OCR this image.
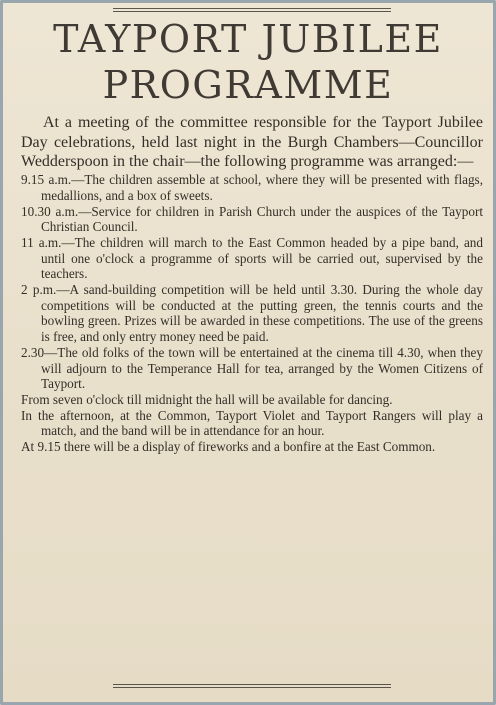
TAYPORT JUBILEE
PROGRAMME

At a meeting of the committee responsible for the Tayport Jubilee Day celebrations, held last night in the Burgh Chambers—Councillor Wedderspoon in the chair—the following programme was arranged:—

9.15 a.m.—The children assemble at school, where they will be presented with flags, medallions, and a box of sweets.

10.30 a.m.—Service for children in Parish Church under the auspices of the Tayport Christian Council.

11 a.m.—The children will march to the East Common headed by a pipe band, and until one o'clock a programme of sports will be carried out, supervised by the teachers.

2 p.m.—A sand-building competition will be held until 3.30. During the whole day competitions will be conducted at the putting green, the tennis courts and the bowling green. Prizes will be awarded in these competitions. The use of the greens is free, and only entry money need be paid.

2.30—The old folks of the town will be entertained at the cinema till 4.30, when they will adjourn to the Temperance Hall for tea, arranged by the Women Citizens of Tayport.

From seven o'clock till midnight the hall will be available for dancing.

In the afternoon, at the Common, Tayport Violet and Tayport Rangers will play a match, and the band will be in attendance for an hour.

At 9.15 there will be a display of fireworks and a bonfire at the East Common.
